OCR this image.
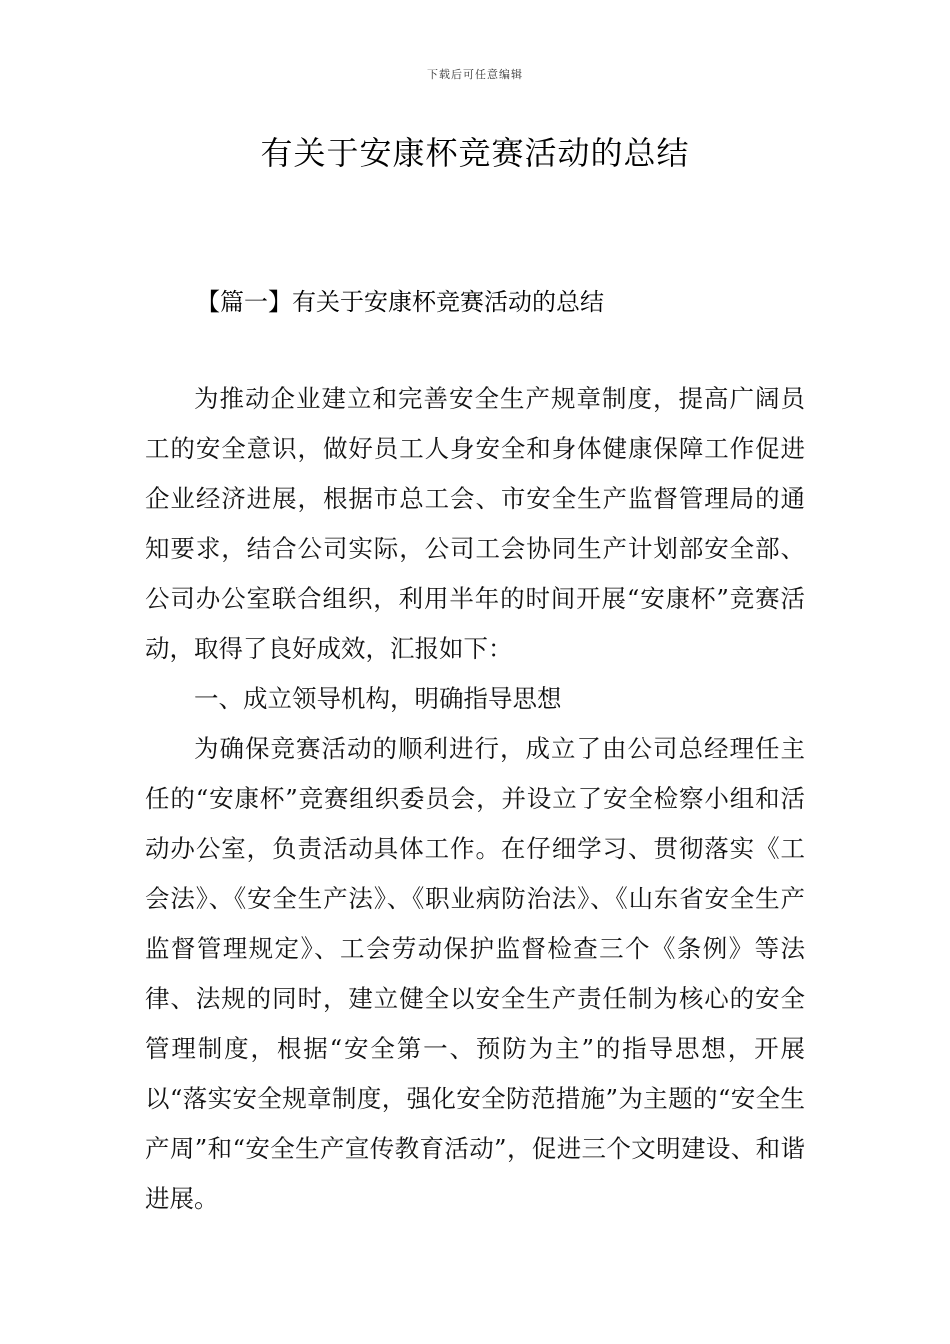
下载后可任意编辑
有关于安康杯竞赛活动的总结
【篇一】有关于安康杯竞赛活动的总结

为推动企业建立和完善安全生产规章制度，提高广阔员工的安全意识，做好员工人身安全和身体健康保障工作促进企业经济进展，根据市总工会、市安全生产监督管理局的通知要求，结合公司实际，公司工会协同生产计划部安全部、公司办公室联合组织，利用半年的时间开展“安康杯”竞赛活动，取得了良好成效，汇报如下：

一、成立领导机构，明确指导思想

为确保竞赛活动的顺利进行，成立了由公司总经理任主任的“安康杯”竞赛组织委员会，并设立了安全检察小组和活动办公室，负责活动具体工作。在仔细学习、贯彻落实《工会法》、《安全生产法》、《职业病防治法》、《山东省安全生产监督管理规定》、工会劳动保护监督检查三个《条例》等法律、法规的同时，建立健全以安全生产责任制为核心的安全管理制度，根据“安全第一、预防为主”的指导思想，开展以“落实安全规章制度，强化安全防范措施”为主题的“安全生产周”和“安全生产宣传教育活动”，促进三个文明建设、和谐进展。
